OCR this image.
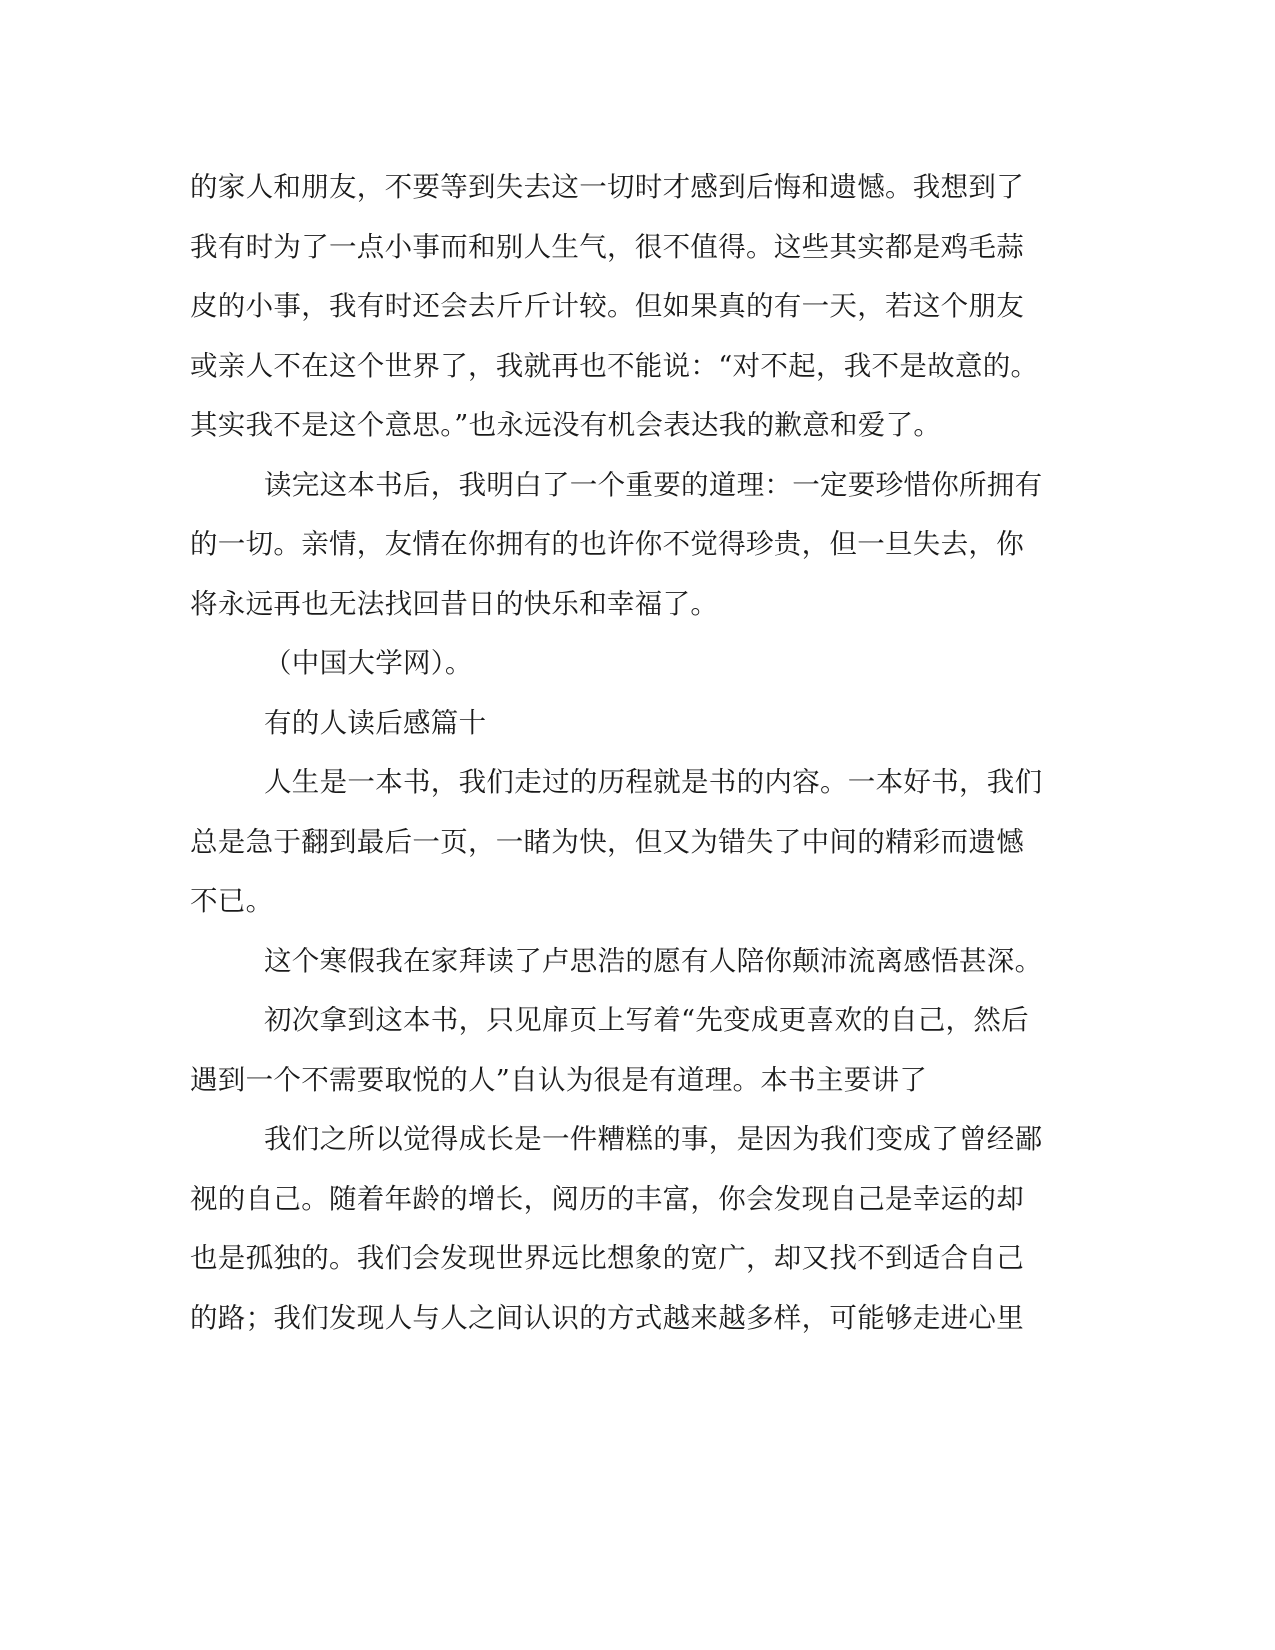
的家人和朋友，不要等到失去这一切时才感到后悔和遗憾。我想到了
我有时为了一点小事而和别人生气，很不值得。这些其实都是鸡毛蒜
皮的小事，我有时还会去斤斤计较。但如果真的有一天，若这个朋友
或亲人不在这个世界了，我就再也不能说：“对不起，我不是故意的。
其实我不是这个意思。”也永远没有机会表达我的歉意和爱了。

读完这本书后，我明白了一个重要的道理：一定要珍惜你所拥有
的一切。亲情，友情在你拥有的也许你不觉得珍贵，但一旦失去，你
将永远再也无法找回昔日的快乐和幸福了。

（中国大学网）。

有的人读后感篇十

人生是一本书，我们走过的历程就是书的内容。一本好书，我们
总是急于翻到最后一页，一睹为快，但又为错失了中间的精彩而遗憾
不已。

这个寒假我在家拜读了卢思浩的愿有人陪你颠沛流离感悟甚深。

初次拿到这本书，只见扉页上写着“先变成更喜欢的自己，然后
遇到一个不需要取悦的人”自认为很是有道理。本书主要讲了

我们之所以觉得成长是一件糟糕的事，是因为我们变成了曾经鄙
视的自己。随着年龄的增长，阅历的丰富，你会发现自己是幸运的却
也是孤独的。我们会发现世界远比想象的宽广，却又找不到适合自己
的路；我们发现人与人之间认识的方式越来越多样，可能够走进心里
